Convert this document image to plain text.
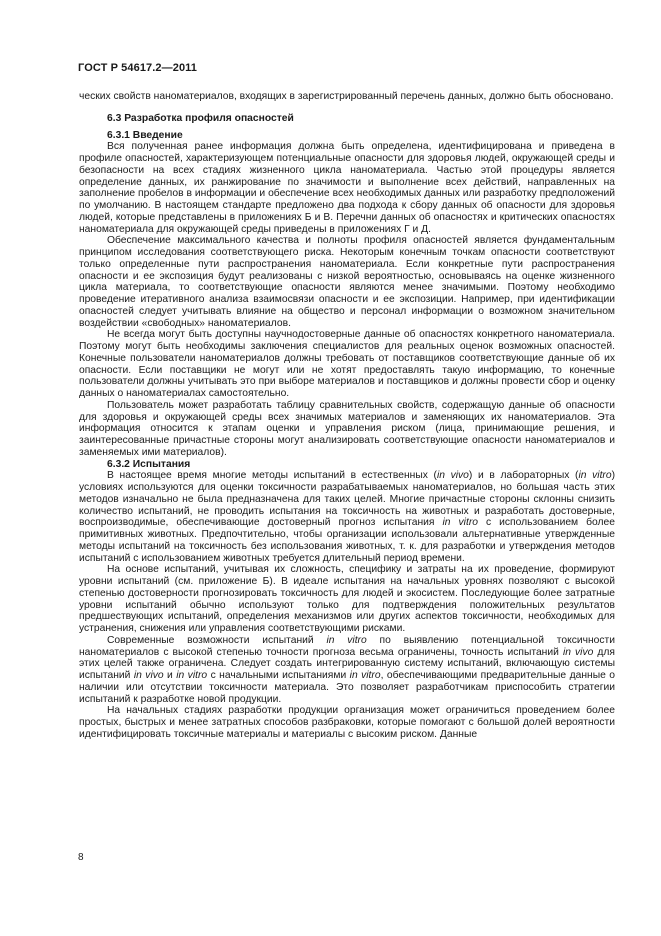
ГОСТ Р 54617.2—2011

ческих свойств наноматериалов, входящих в зарегистрированный перечень данных, должно быть обосновано.

6.3 Разработка профиля опасностей

6.3.1 Введение

Вся полученная ранее информация должна быть определена, идентифицирована и приведена в профиле опасностей, характеризующем потенциальные опасности для здоровья людей, окружающей среды и безопасности на всех стадиях жизненного цикла наноматериала. Частью этой процедуры является определение данных, их ранжирование по значимости и выполнение всех действий, направленных на заполнение пробелов в информации и обеспечение всех необходимых данных или разработку предположений по умолчанию. В настоящем стандарте предложено два подхода к сбору данных об опасности для здоровья людей, которые представлены в приложениях Б и В. Перечни данных об опасностях и критических опасностях наноматериала для окружающей среды приведены в приложениях Г и Д.

Обеспечение максимального качества и полноты профиля опасностей является фундаментальным принципом исследования соответствующего риска. Некоторым конечным точкам опасности соответствуют только определенные пути распространения наноматериала. Если конкретные пути распространения опасности и ее экспозиция будут реализованы с низкой вероятностью, основываясь на оценке жизненного цикла материала, то соответствующие опасности являются менее значимыми. Поэтому необходимо проведение итеративного анализа взаимосвязи опасности и ее экспозиции. Например, при идентификации опасностей следует учитывать влияние на общество и персонал информации о возможном значительном воздействии «свободных» наноматериалов.

Не всегда могут быть доступны научнодостоверные данные об опасностях конкретного наноматериала. Поэтому могут быть необходимы заключения специалистов для реальных оценок возможных опасностей. Конечные пользователи наноматериалов должны требовать от поставщиков соответствующие данные об их опасности. Если поставщики не могут или не хотят предоставлять такую информацию, то конечные пользователи должны учитывать это при выборе материалов и поставщиков и должны провести сбор и оценку данных о наноматериалах самостоятельно.

Пользователь может разработать таблицу сравнительных свойств, содержащую данные об опасности для здоровья и окружающей среды всех значимых материалов и заменяющих их наноматериалов. Эта информация относится к этапам оценки и управления риском (лица, принимающие решения, и заинтересованные причастные стороны могут анализировать соответствующие опасности наноматериалов и заменяемых ими материалов).

6.3.2 Испытания

В настоящее время многие методы испытаний в естественных (in vivo) и в лабораторных (in vitro) условиях используются для оценки токсичности разрабатываемых наноматериалов, но большая часть этих методов изначально не была предназначена для таких целей. Многие причастные стороны склонны снизить количество испытаний, не проводить испытания на токсичность на животных и разработать достоверные, воспроизводимые, обеспечивающие достоверный прогноз испытания in vitro с использованием более примитивных животных. Предпочтительно, чтобы организации использовали альтернативные утвержденные методы испытаний на токсичность без использования животных, т. к. для разработки и утверждения методов испытаний с использованием животных требуется длительный период времени.

На основе испытаний, учитывая их сложность, специфику и затраты на их проведение, формируют уровни испытаний (см. приложение Б). В идеале испытания на начальных уровнях позволяют с высокой степенью достоверности прогнозировать токсичность для людей и экосистем. Последующие более затратные уровни испытаний обычно используют только для подтверждения положительных результатов предшествующих испытаний, определения механизмов или других аспектов токсичности, необходимых для устранения, снижения или управления соответствующими рисками.

Современные возможности испытаний in vitro по выявлению потенциальной токсичности наноматериалов с высокой степенью точности прогноза весьма ограничены, точность испытаний in vivo для этих целей также ограничена. Следует создать интегрированную систему испытаний, включающую системы испытаний in vivo и in vitro с начальными испытаниями in vitro, обеспечивающими предварительные данные о наличии или отсутствии токсичности материала. Это позволяет разработчикам приспособить стратегии испытаний к разработке новой продукции.

На начальных стадиях разработки продукции организация может ограничиться проведением более простых, быстрых и менее затратных способов разбраковки, которые помогают с большой долей вероятности идентифицировать токсичные материалы и материалы с высоким риском. Данные

8
